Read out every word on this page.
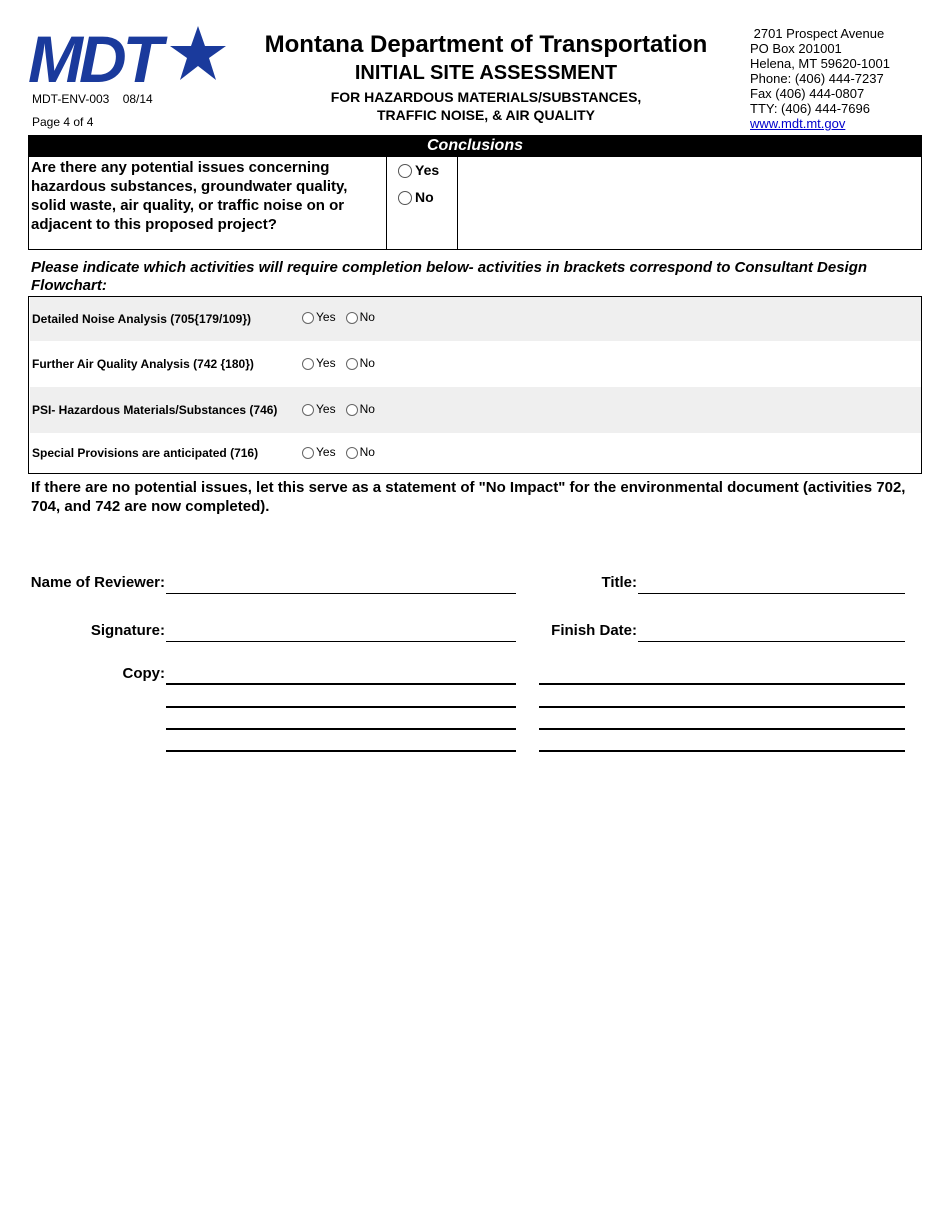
MDT
MDT-ENV-003 08/14
Page 4 of 4
Montana Department of Transportation
INITIAL SITE ASSESSMENT
FOR HAZARDOUS MATERIALS/SUBSTANCES,
TRAFFIC NOISE, & AIR QUALITY
2701 Prospect Avenue
PO Box 201001
Helena, MT 59620-1001
Phone: (406) 444-7237
Fax (406) 444-0807
TTY: (406) 444-7696
www.mdt.mt.gov
Conclusions
Are there any potential issues concerning hazardous substances, groundwater quality, solid waste, air quality, or traffic noise on or adjacent to this proposed project?
Yes
No
Please indicate which activities will require completion below- activities in brackets correspond to Consultant Design Flowchart:
Detailed Noise Analysis (705{179/109})	Yes No
Further Air Quality Analysis (742 {180})	Yes No
PSI- Hazardous Materials/Substances (746)	Yes No
Special Provisions are anticipated (716)	Yes No
If there are no potential issues, let this serve as a statement of "No Impact" for the environmental document (activities 702, 704, and 742 are now completed).
Name of Reviewer:	Title:
Signature:	Finish Date:
Copy:
